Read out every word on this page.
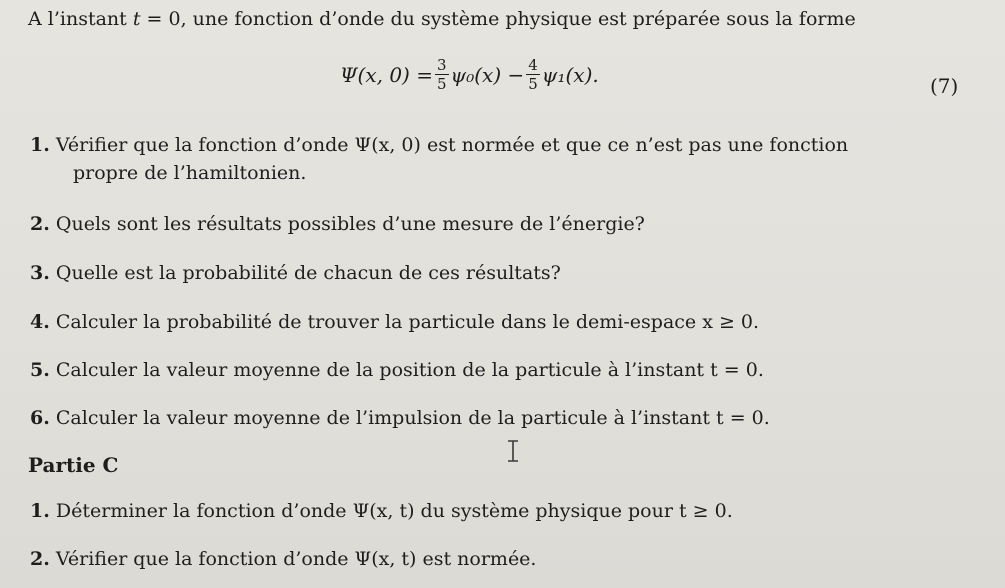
A l’instant t = 0, une fonction d’onde du système physique est préparée sous la forme
Ψ(x, $0) = \frac{3}{5} \psi_0(x) - \frac{4}{5} \psi_1(x)$.	(7)
1. Vérifier que la fonction d’onde Ψ(x, 0) est normée et que ce n’est pas une fonction
propre de l’hamiltonien.
2. Quels sont les résultats possibles d’une mesure de l’énergie?
3. Quelle est la probabilité de chacun de ces résultats?
4. Calculer la probabilité de trouver la particule dans le demi-espace x ≥ 0.
5. Calculer la valeur moyenne de la position de la particule à l’instant t = 0.
6. Calculer la valeur moyenne de l’impulsion de la particule à l’instant t = 0.
Partie C
1. Déterminer la fonction d’onde Ψ(x, t) du système physique pour t ≥ 0.
2. Vérifier que la fonction d’onde Ψ(x, t) est normée.
